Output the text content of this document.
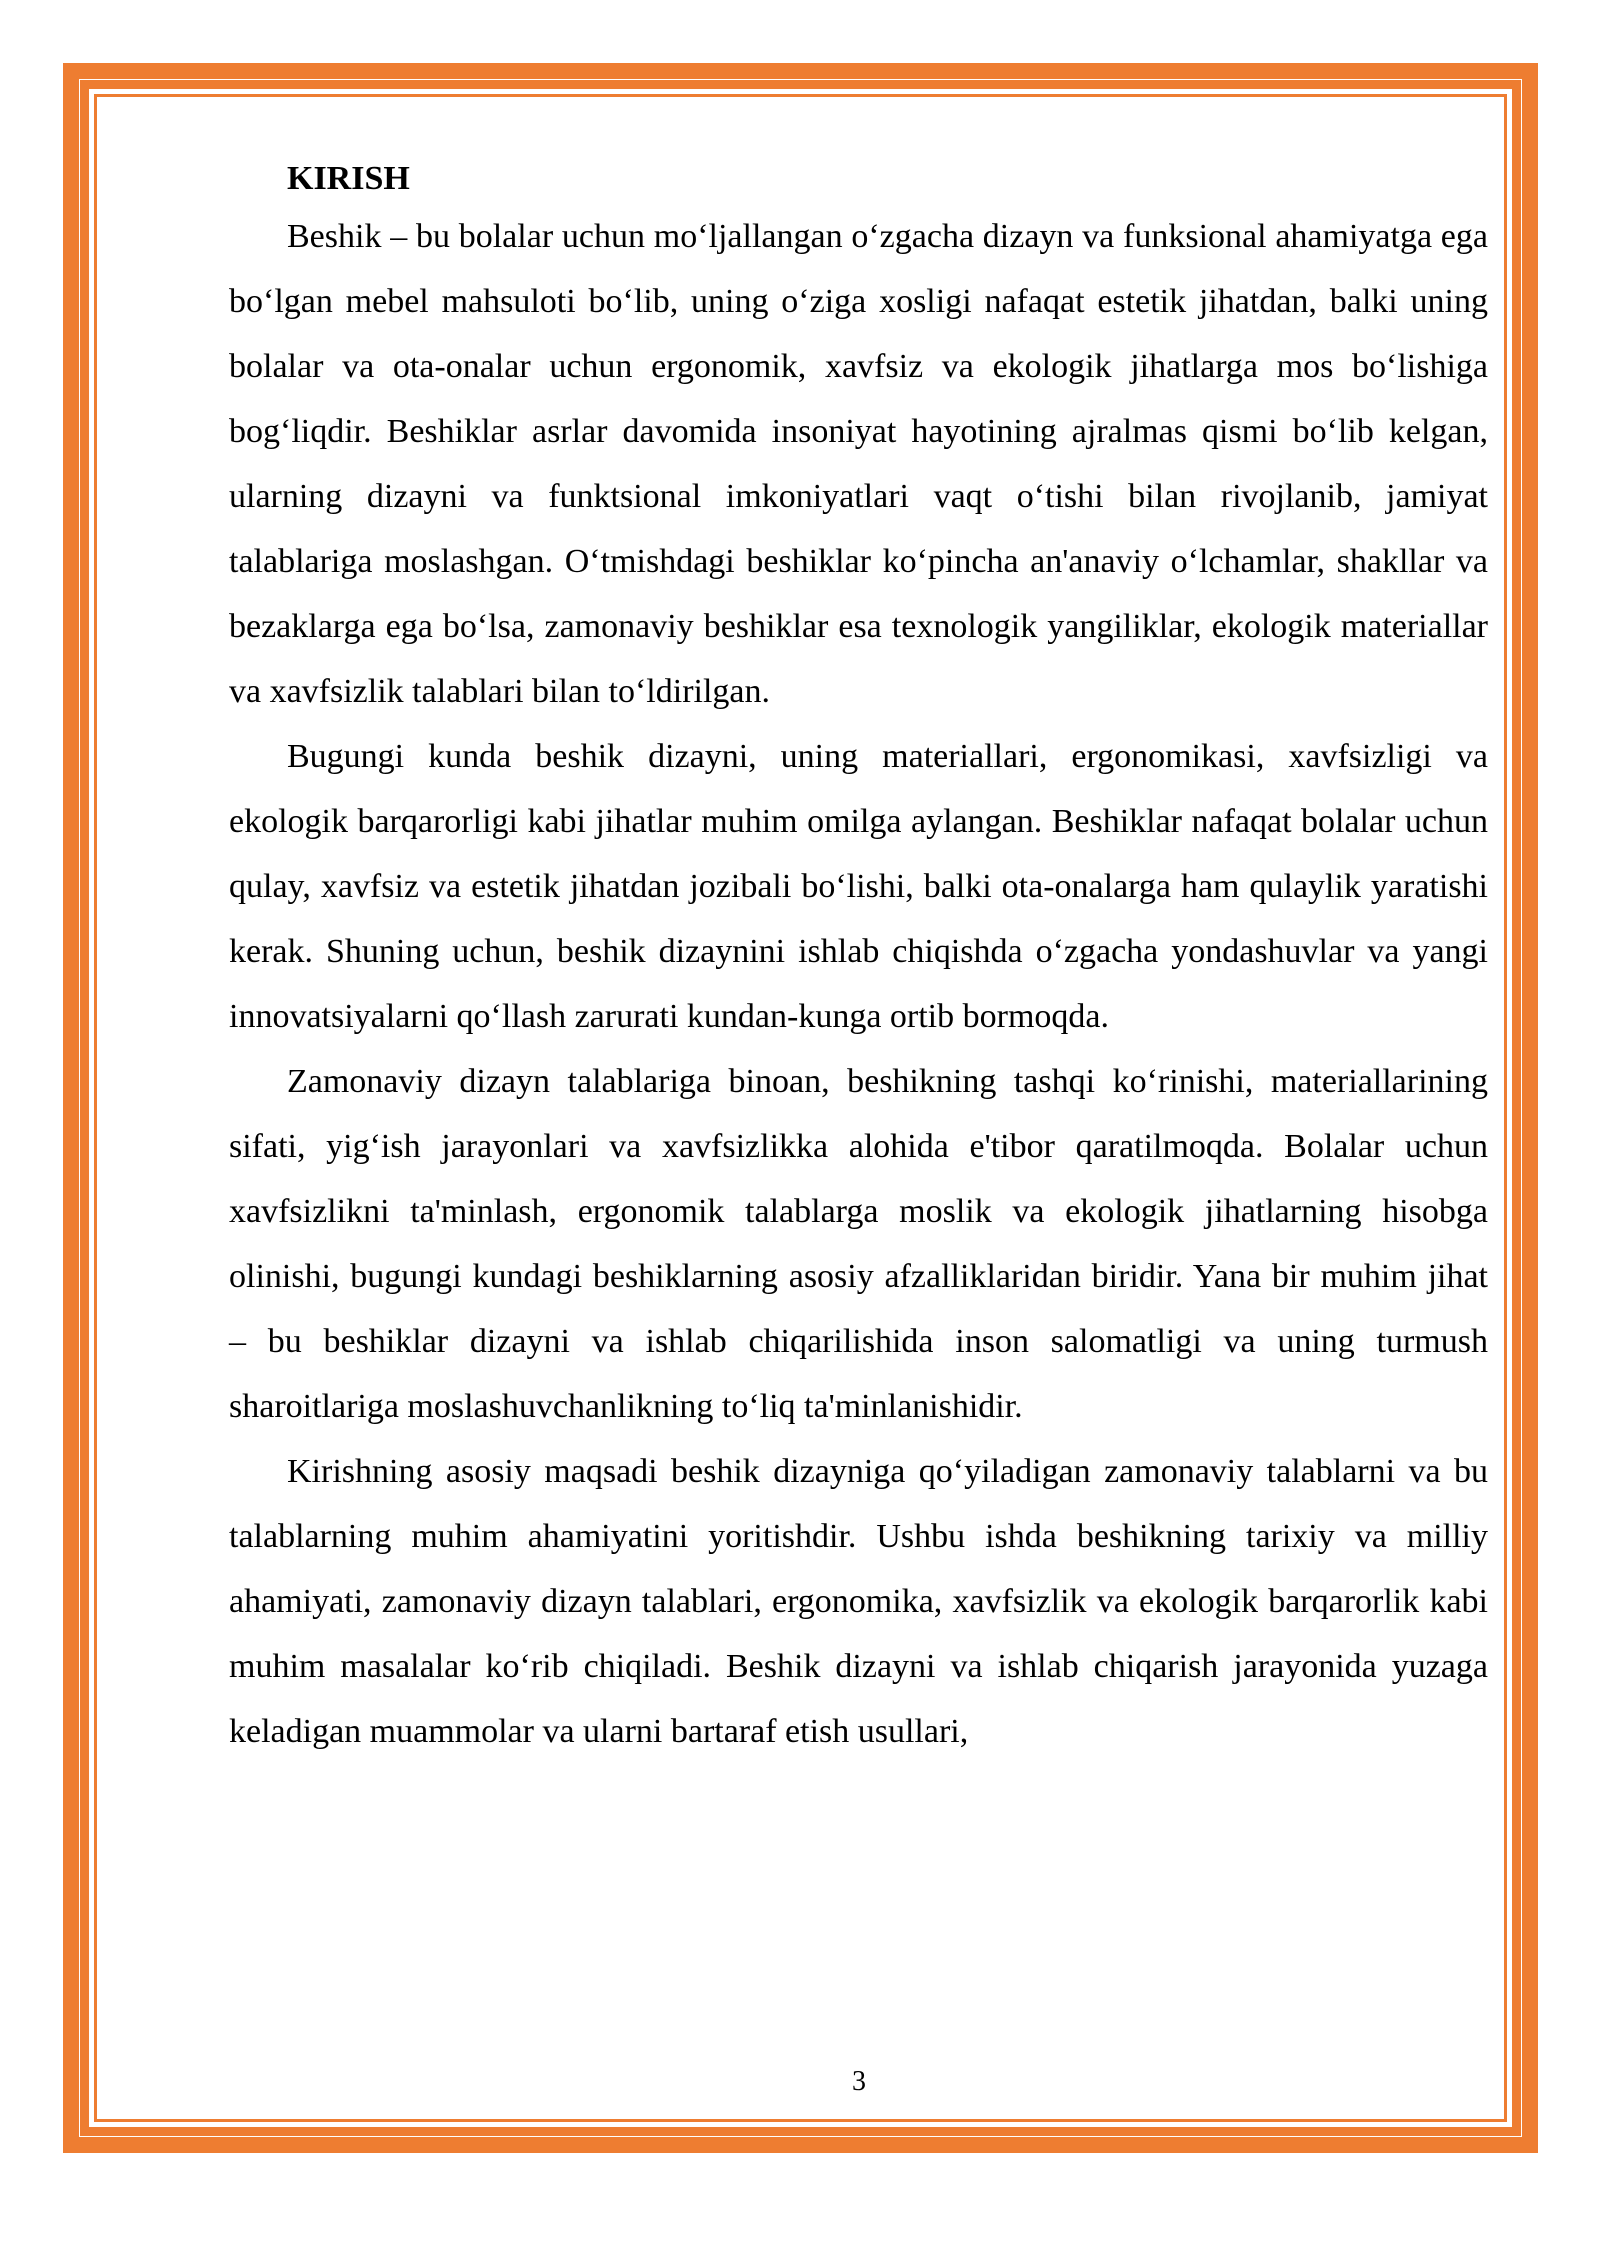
KIRISH

Beshik – bu bolalar uchun mo‘ljallangan o‘zgacha dizayn va funksional ahamiyatga ega bo‘lgan mebel mahsuloti bo‘lib, uning o‘ziga xosligi nafaqat estetik jihatdan, balki uning bolalar va ota-onalar uchun ergonomik, xavfsiz va ekologik jihatlarga mos bo‘lishiga bog‘liqdir. Beshiklar asrlar davomida insoniyat hayotining ajralmas qismi bo‘lib kelgan, ularning dizayni va funktsional imkoniyatlari vaqt o‘tishi bilan rivojlanib, jamiyat talablariga moslashgan. O‘tmishdagi beshiklar ko‘pincha an'anaviy o‘lchamlar, shakllar va bezaklarga ega bo‘lsa, zamonaviy beshiklar esa texnologik yangiliklar, ekologik materiallar va xavfsizlik talablari bilan to‘ldirilgan.

Bugungi kunda beshik dizayni, uning materiallari, ergonomikasi, xavfsizligi va ekologik barqarorligi kabi jihatlar muhim omilga aylangan. Beshiklar nafaqat bolalar uchun qulay, xavfsiz va estetik jihatdan jozibali bo‘lishi, balki ota-onalarga ham qulaylik yaratishi kerak. Shuning uchun, beshik dizaynini ishlab chiqishda o‘zgacha yondashuvlar va yangi innovatsiyalarni qo‘llash zarurati kundan-kunga ortib bormoqda.

Zamonaviy dizayn talablariga binoan, beshikning tashqi ko‘rinishi, materiallarining sifati, yig‘ish jarayonlari va xavfsizlikka alohida e'tibor qaratilmoqda. Bolalar uchun xavfsizlikni ta'minlash, ergonomik talablarga moslik va ekologik jihatlarning hisobga olinishi, bugungi kundagi beshiklarning asosiy afzalliklaridan biridir. Yana bir muhim jihat – bu beshiklar dizayni va ishlab chiqarilishida inson salomatligi va uning turmush sharoitlariga moslashuvchanlikning to‘liq ta'minlanishidir.

Kirishning asosiy maqsadi beshik dizayniga qo‘yiladigan zamonaviy talablarni va bu talablarning muhim ahamiyatini yoritishdir. Ushbu ishda beshikning tarixiy va milliy ahamiyati, zamonaviy dizayn talablari, ergonomika, xavfsizlik va ekologik barqarorlik kabi muhim masalalar ko‘rib chiqiladi. Beshik dizayni va ishlab chiqarish jarayonida yuzaga keladigan muammolar va ularni bartaraf etish usullari,

3
